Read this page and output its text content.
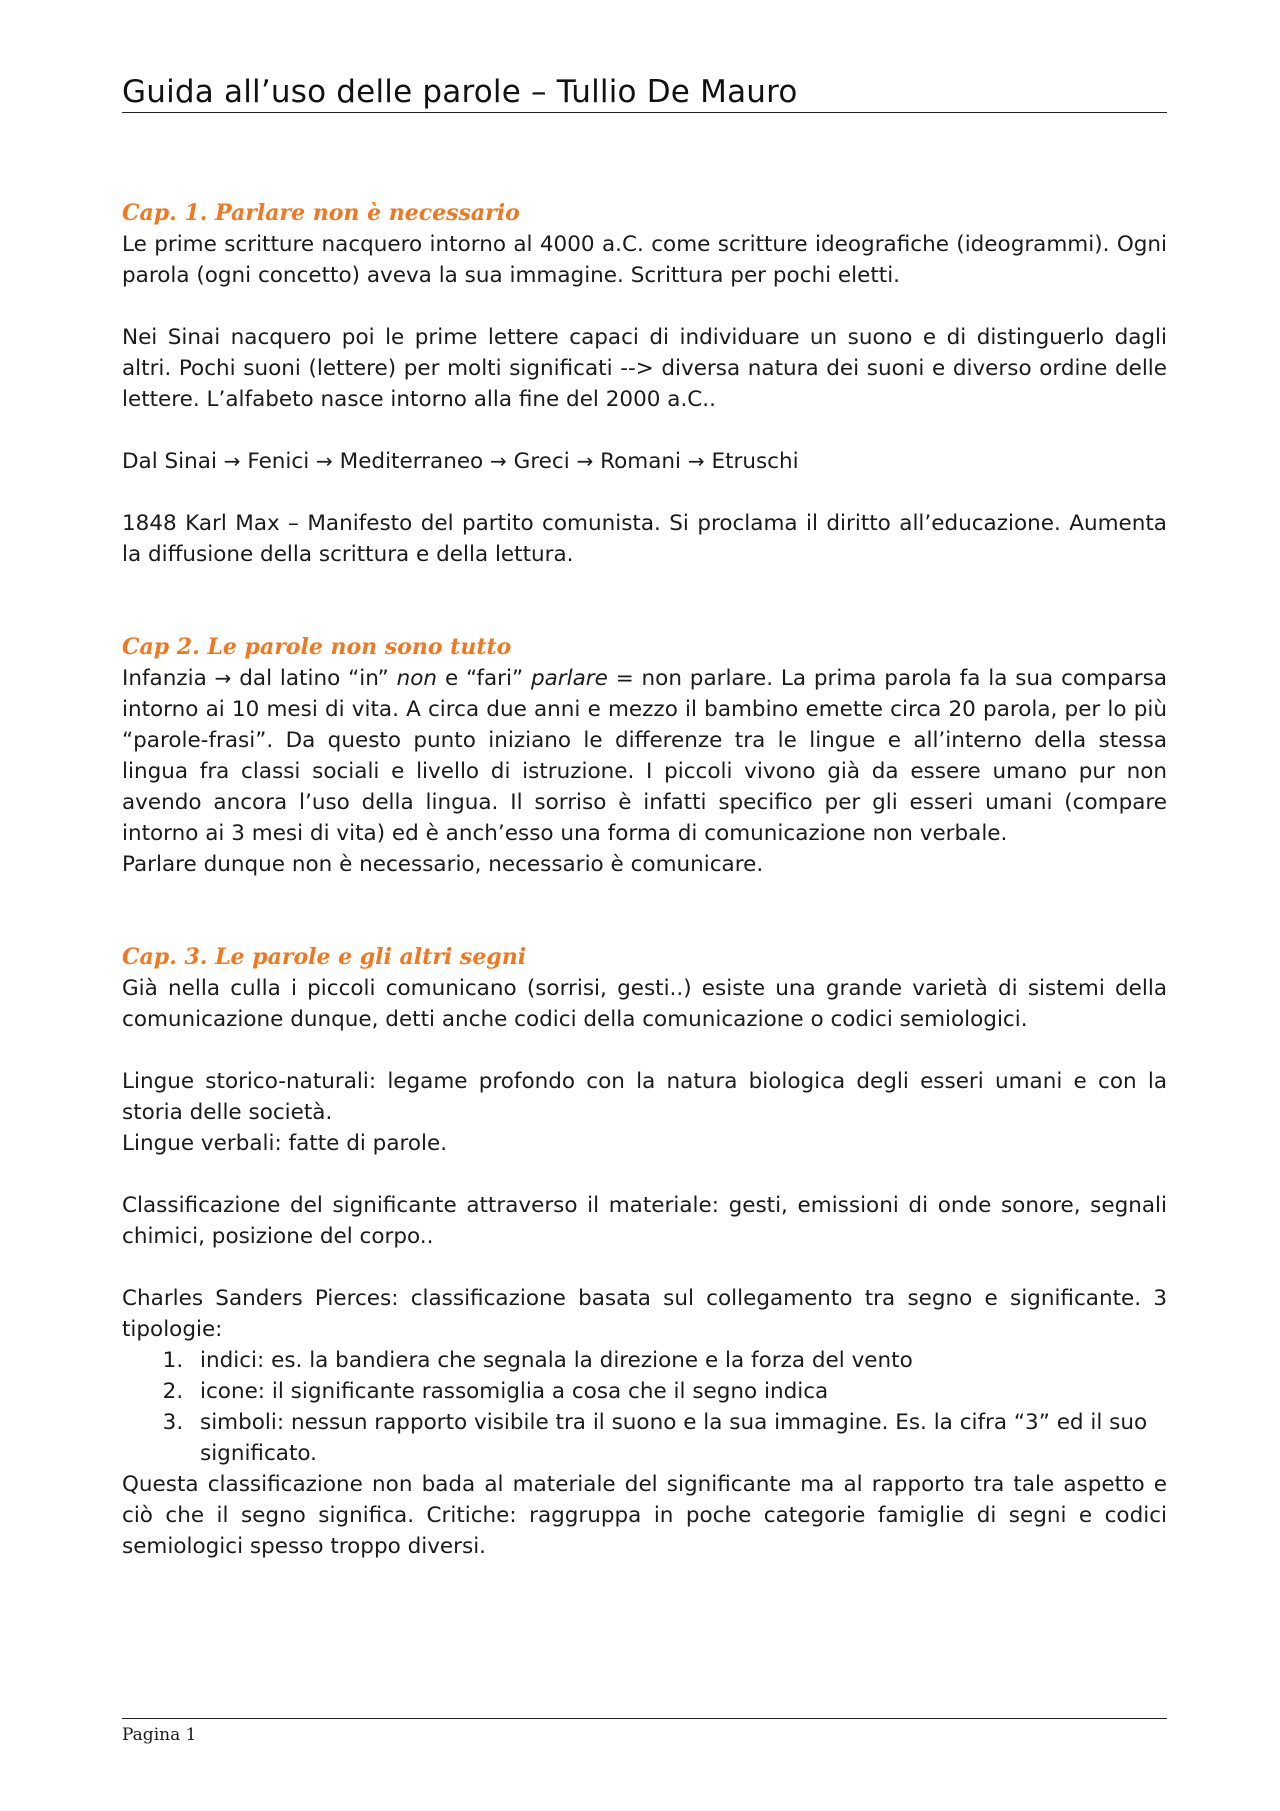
Guida all’uso delle parole – Tullio De Mauro

Cap. 1. Parlare non è necessario

Le prime scritture nacquero intorno al 4000 a.C. come scritture ideografiche (ideogrammi). Ogni parola (ogni concetto) aveva la sua immagine. Scrittura per pochi eletti.

Nei Sinai nacquero poi le prime lettere capaci di individuare un suono e di distinguerlo dagli altri. Pochi suoni (lettere) per molti significati --> diversa natura dei suoni e diverso ordine delle lettere. L’alfabeto nasce intorno alla fine del 2000 a.C..

Dal Sinai → Fenici → Mediterraneo → Greci → Romani → Etruschi

1848 Karl Max – Manifesto del partito comunista. Si proclama il diritto all’educazione. Aumenta la diffusione della scrittura e della lettura.

Cap 2. Le parole non sono tutto

Infanzia → dal latino “in” non e “fari” parlare = non parlare. La prima parola fa la sua comparsa intorno ai 10 mesi di vita. A circa due anni e mezzo il bambino emette circa 20 parola, per lo più “parole-frasi”. Da questo punto iniziano le differenze tra le lingue e all’interno della stessa lingua fra classi sociali e livello di istruzione. I piccoli vivono già da essere umano pur non avendo ancora l’uso della lingua. Il sorriso è infatti specifico per gli esseri umani (compare intorno ai 3 mesi di vita) ed è anch’esso una forma di comunicazione non verbale.

Parlare dunque non è necessario, necessario è comunicare.

Cap. 3. Le parole e gli altri segni

Già nella culla i piccoli comunicano (sorrisi, gesti..) esiste una grande varietà di sistemi della comunicazione dunque, detti anche codici della comunicazione o codici semiologici.

Lingue storico-naturali: legame profondo con la natura biologica degli esseri umani e con la storia delle società.

Lingue verbali: fatte di parole.

Classificazione del significante attraverso il materiale: gesti, emissioni di onde sonore, segnali chimici, posizione del corpo..

Charles Sanders Pierces: classificazione basata sul collegamento tra segno e significante. 3 tipologie:

1. indici: es. la bandiera che segnala la direzione e la forza del vento
2. icone: il significante rassomiglia a cosa che il segno indica
3. simboli: nessun rapporto visibile tra il suono e la sua immagine. Es. la cifra “3” ed il suo significato.

Questa classificazione non bada al materiale del significante ma al rapporto tra tale aspetto e ciò che il segno significa. Critiche: raggruppa in poche categorie famiglie di segni e codici semiologici spesso troppo diversi.

Pagina 1
